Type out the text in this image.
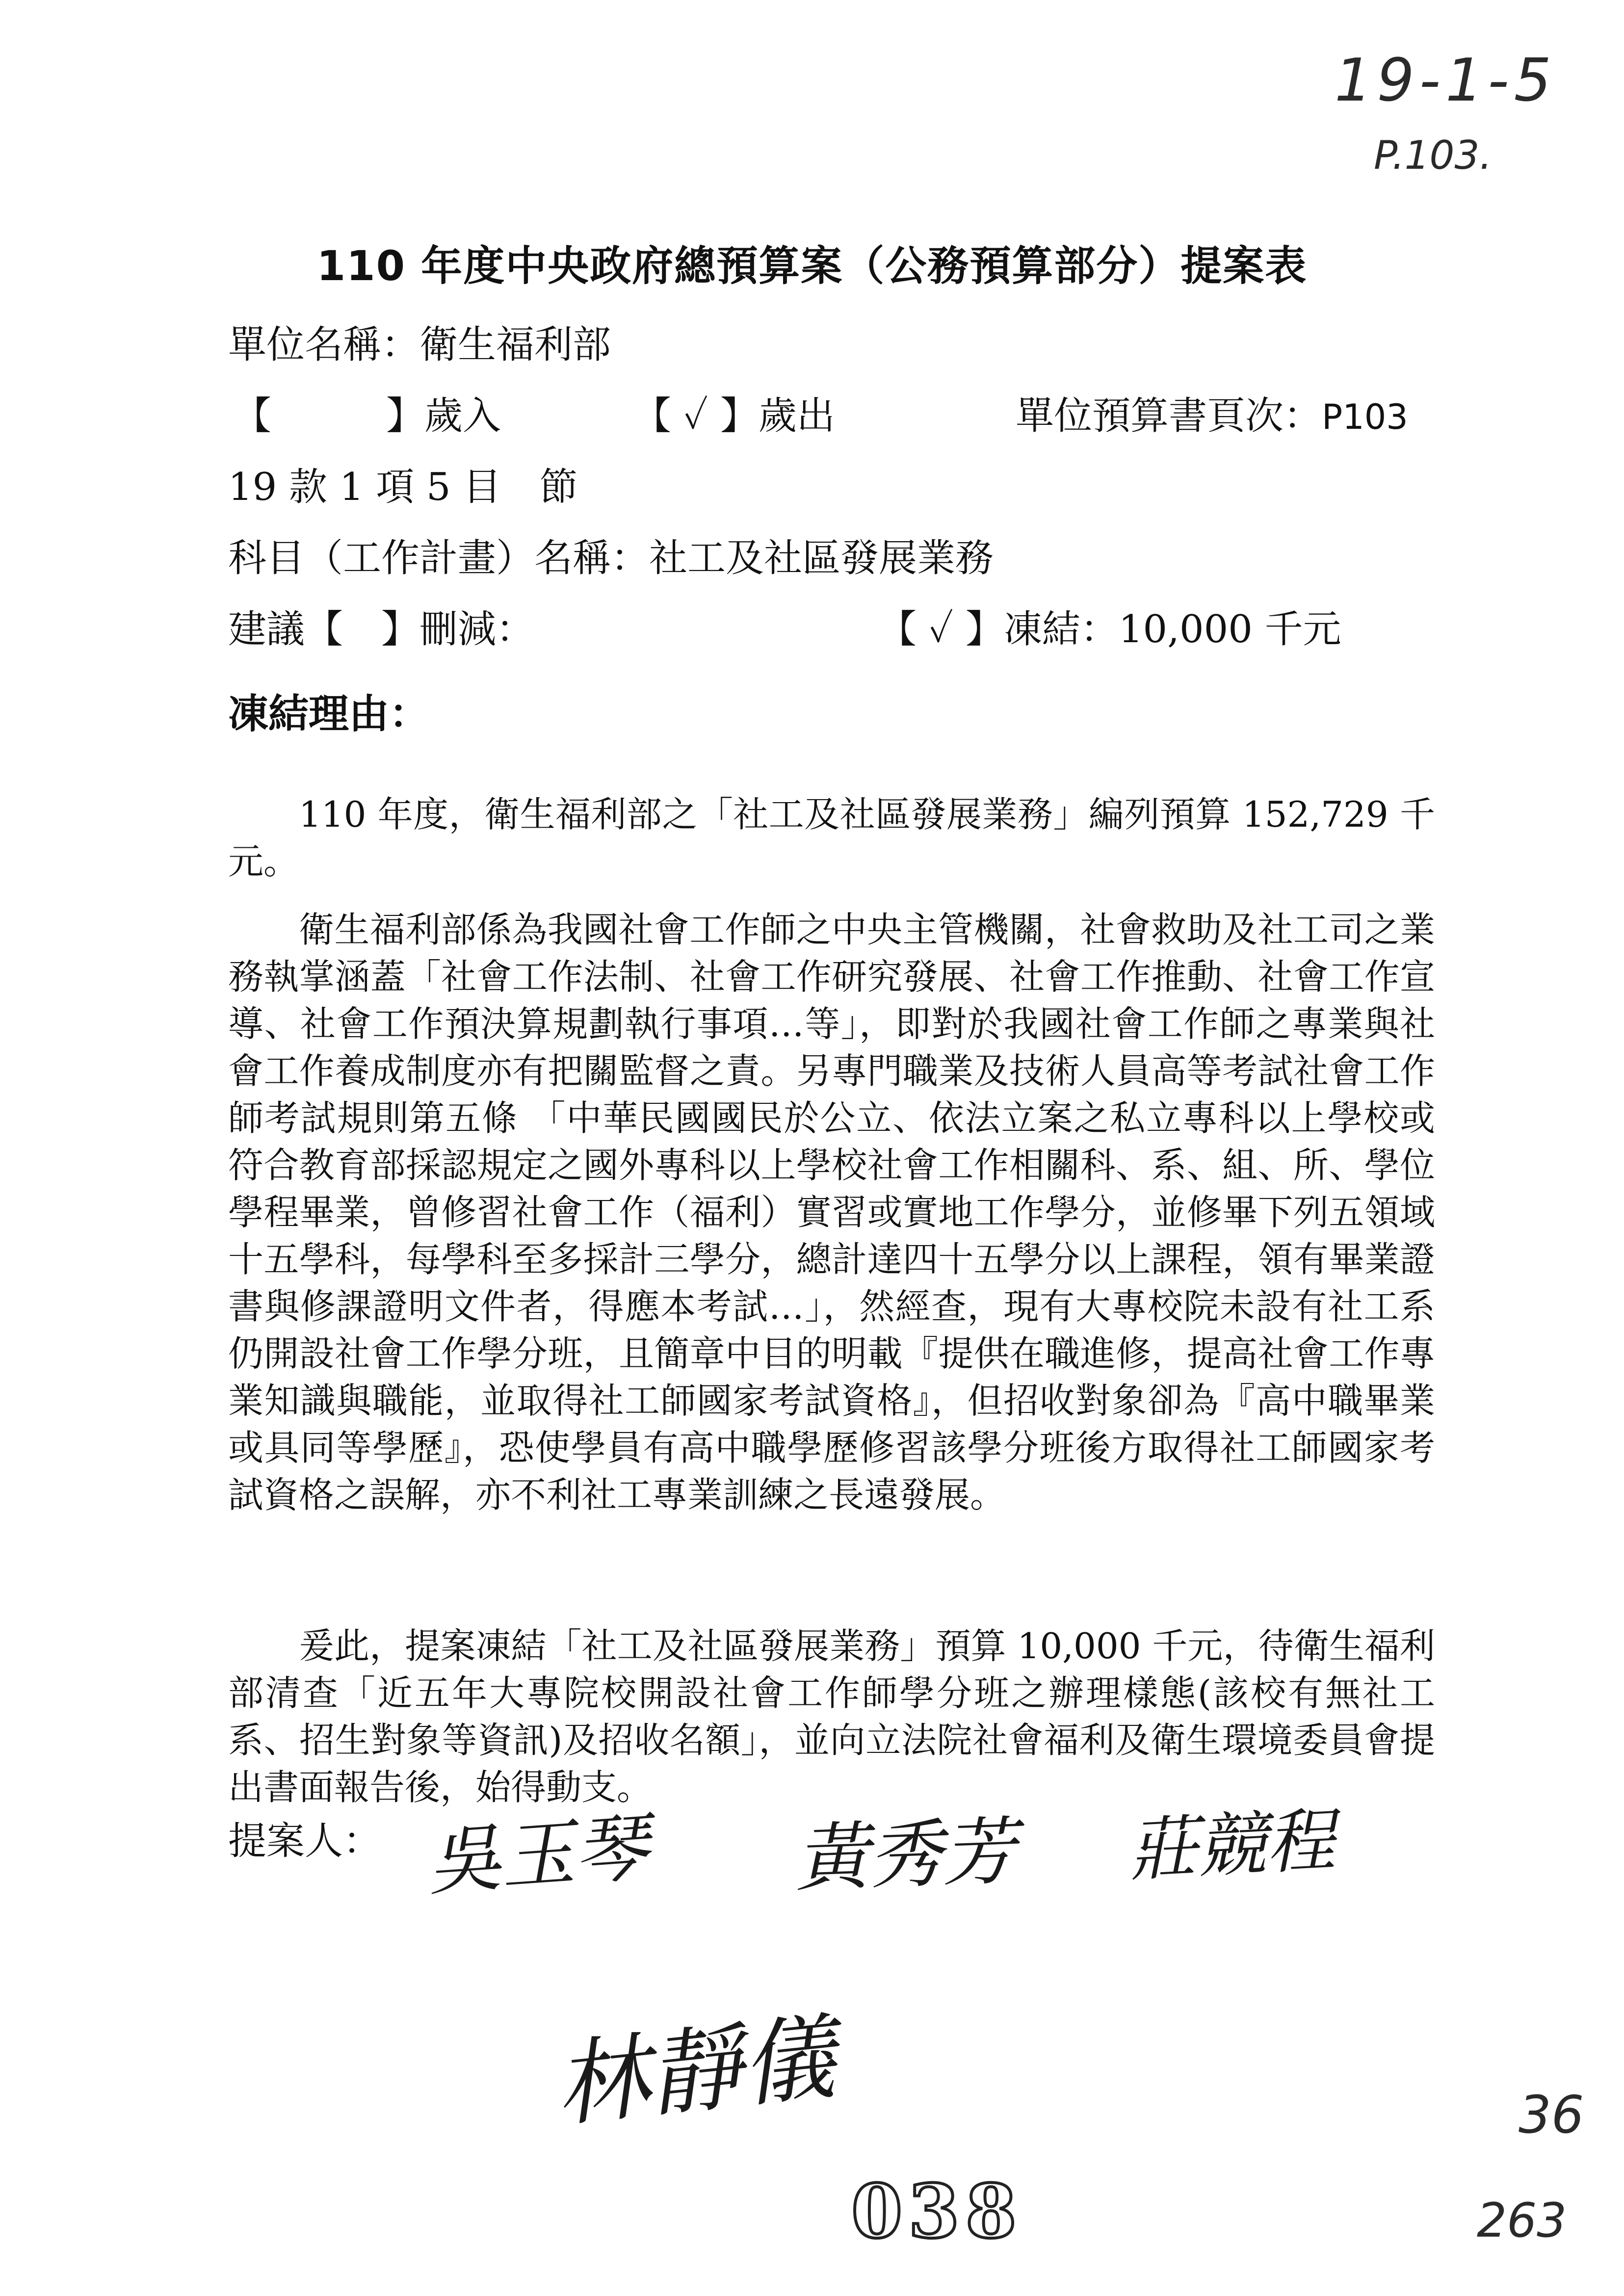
19-1-5
P.103.
110 年度中央政府總預算案（公務預算部分）提案表
單位名稱：衛生福利部
【　　　】歲入	【 ✓ 】歲出	單位預算書頁次：P103
19 款 1 項 5 目　節
科目（工作計畫）名稱：社工及社區發展業務
建議【　】刪減：	【 ✓ 】凍結：10,000 千元
凍結理由：

110 年度，衛生福利部之「社工及社區發展業務」編列預算 152,729 千元。

衛生福利部係為我國社會工作師之中央主管機關，社會救助及社工司之業務執掌涵蓋「社會工作法制、社會工作研究發展、社會工作推動、社會工作宣導、社會工作預決算規劃執行事項…等」，即對於我國社會工作師之專業與社會工作養成制度亦有把關監督之責。另專門職業及技術人員高等考試社會工作師考試規則第五條 「中華民國國民於公立、依法立案之私立專科以上學校或符合教育部採認規定之國外專科以上學校社會工作相關科、系、組、所、學位學程畢業，曾修習社會工作（福利）實習或實地工作學分，並修畢下列五領域十五學科，每學科至多採計三學分，總計達四十五學分以上課程，領有畢業證書與修課證明文件者，得應本考試…」，然經查，現有大專校院未設有社工系仍開設社會工作學分班，且簡章中目的明載『提供在職進修，提高社會工作專業知識與職能，並取得社工師國家考試資格』，但招收對象卻為『高中職畢業或具同等學歷』，恐使學員有高中職學歷修習該學分班後方取得社工師國家考試資格之誤解，亦不利社工專業訓練之長遠發展。

爰此，提案凍結「社工及社區發展業務」預算 10,000 千元，待衛生福利部清查「近五年大專院校開設社會工作師學分班之辦理樣態(該校有無社工系、招生對象等資訊)及招收名額」，並向立法院社會福利及衛生環境委員會提出書面報告後，始得動支。

提案人： 吳玉琴 黃秀芳 莊競程
林靜儀	36
263
038
